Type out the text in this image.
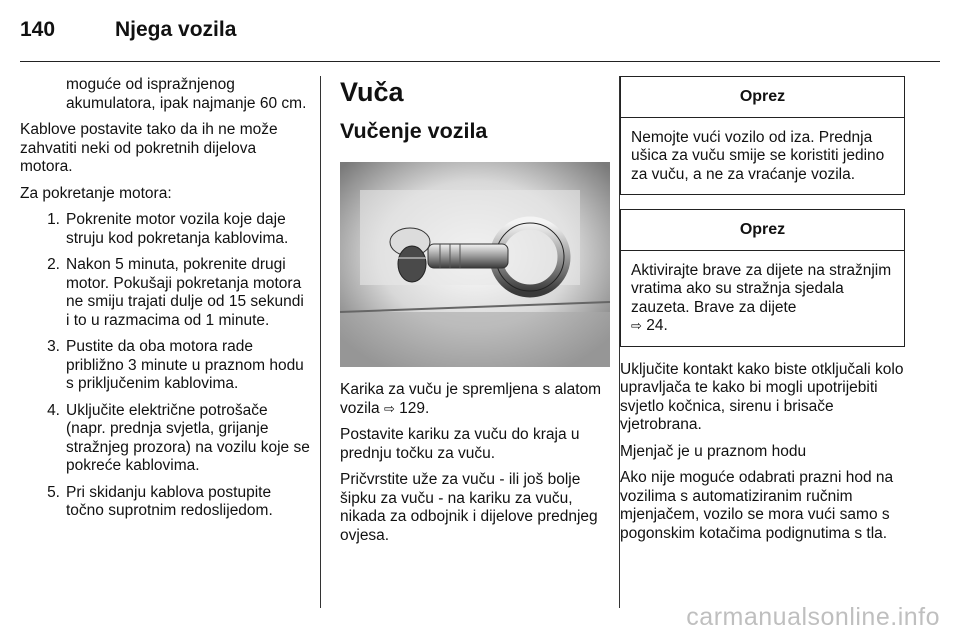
140	Njega vozila

moguće od ispražnjenog akumulatora, ipak najmanje 60 cm.

Kablove postavite tako da ih ne može zahvatiti neki od pokretnih dijelova motora.

Za pokretanje motora:

1. Pokrenite motor vozila koje daje struju kod pokretanja kablovima.
2. Nakon 5 minuta, pokrenite drugi motor. Pokušaji pokretanja motora ne smiju trajati dulje od 15 sekundi i to u razmacima od 1 minute.
3. Pustite da oba motora rade približno 3 minute u praznom hodu s priključenim kablovima.
4. Uključite električne potrošače (napr. prednja svjetla, grijanje stražnjeg prozora) na vozilu koje se pokreće kablovima.
5. Pri skidanju kablova postupite točno suprotnim redoslijedom.
Vuča
Vučenje vozila

Karika za vuču je spremljena s alatom vozila ⇨ 129.

Postavite kariku za vuču do kraja u prednju točku za vuču.

Pričvrstite uže za vuču - ili još bolje šipku za vuču - na kariku za vuču, nikada za odbojnik i dijelove prednjeg ovjesa.

Oprez
Nemojte vući vozilo od iza. Prednja ušica za vuču smije se koristiti jedino za vuču, a ne za vraćanje vozila.
Oprez
Aktivirajte brave za dijete na stražnjim vratima ako su stražnja sjedala zauzeta. Brave za dijete
⇨ 24.

Uključite kontakt kako biste otključali kolo upravljača te kako bi mogli upotrijebiti svjetlo kočnica, sirenu i brisače vjetrobrana.

Mjenjač je u praznom hodu

Ako nije moguće odabrati prazni hod na vozilima s automatiziranim ručnim mjenjačem, vozilo se mora vući samo s pogonskim kotačima podignutima s tla.

carmanualsonline.info
